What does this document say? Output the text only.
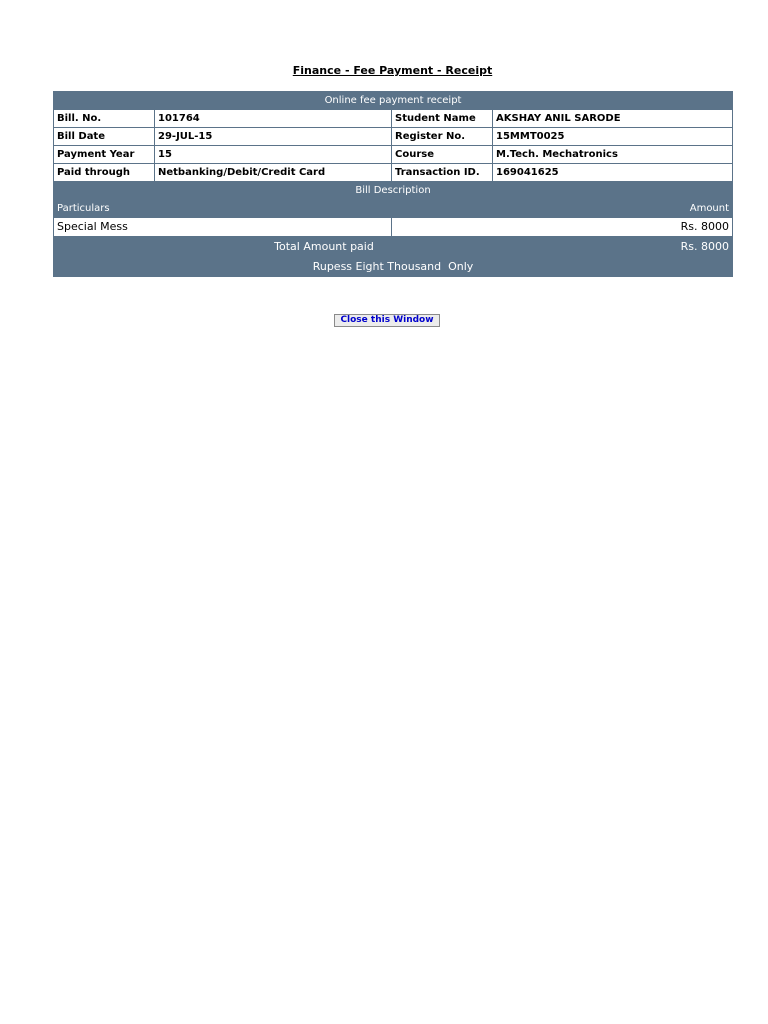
Finance - Fee Payment - Receipt
Online fee payment receipt			
Bill. No.	101764	Student Name	AKSHAY ANIL SARODE
Bill Date	29-JUL-15	Register No.	15MMT0025
Payment Year	15	Course	M.Tech. Mechatronics
Paid through	Netbanking/Debit/Credit Card	Transaction ID.	169041625
Bill Description			
Particulars		Amount	
Special Mess		Rs. 8000	
Total Amount paid			Rs. 8000
Rupess Eight Thousand  Only			
Close this Window
